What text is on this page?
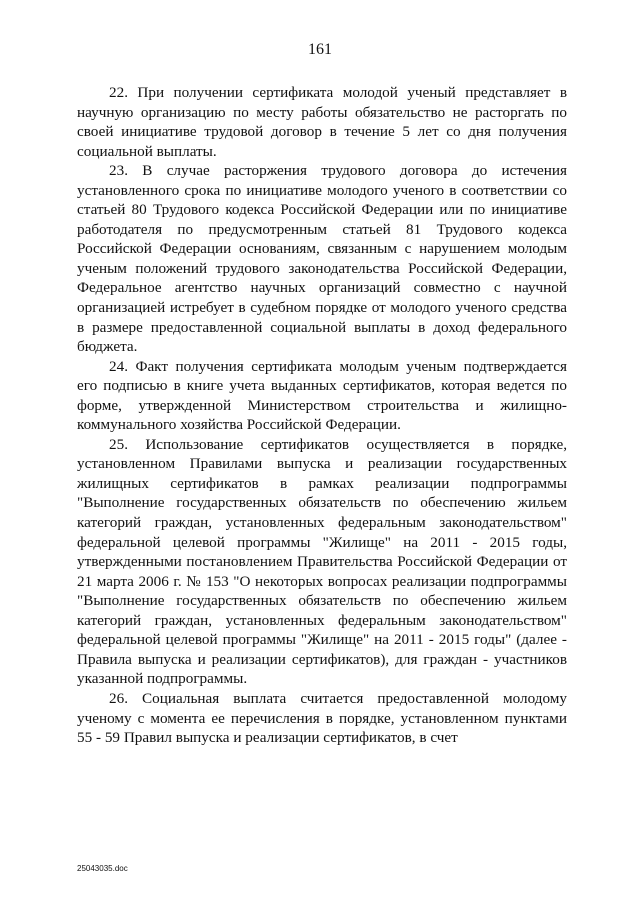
161

22. При получении сертификата молодой ученый представляет в научную организацию по месту работы обязательство не расторгать по своей инициативе трудовой договор в течение 5 лет со дня получения социальной выплаты.

23. В случае расторжения трудового договора до истечения установленного срока по инициативе молодого ученого в соответствии со статьей 80 Трудового кодекса Российской Федерации или по инициативе работодателя по предусмотренным статьей 81 Трудового кодекса Российской Федерации основаниям, связанным с нарушением молодым ученым положений трудового законодательства Российской Федерации, Федеральное агентство научных организаций совместно с научной организацией истребует в судебном порядке от молодого ученого средства в размере предоставленной социальной выплаты в доход федерального бюджета.

24. Факт получения сертификата молодым ученым подтверждается его подписью в книге учета выданных сертификатов, которая ведется по форме, утвержденной Министерством строительства и жилищно-коммунального хозяйства Российской Федерации.

25. Использование сертификатов осуществляется в порядке, установленном Правилами выпуска и реализации государственных жилищных сертификатов в рамках реализации подпрограммы "Выполнение государственных обязательств по обеспечению жильем категорий граждан, установленных федеральным законодательством" федеральной целевой программы "Жилище" на 2011 - 2015 годы, утвержденными постановлением Правительства Российской Федерации от 21 марта 2006 г. № 153 "О некоторых вопросах реализации подпрограммы "Выполнение государственных обязательств по обеспечению жильем категорий граждан, установленных федеральным законодательством" федеральной целевой программы "Жилище" на 2011 - 2015 годы" (далее - Правила выпуска и реализации сертификатов), для граждан - участников указанной подпрограммы.

26. Социальная выплата считается предоставленной молодому ученому с момента ее перечисления в порядке, установленном пунктами 55 - 59 Правил выпуска и реализации сертификатов, в счет

25043035.doc
